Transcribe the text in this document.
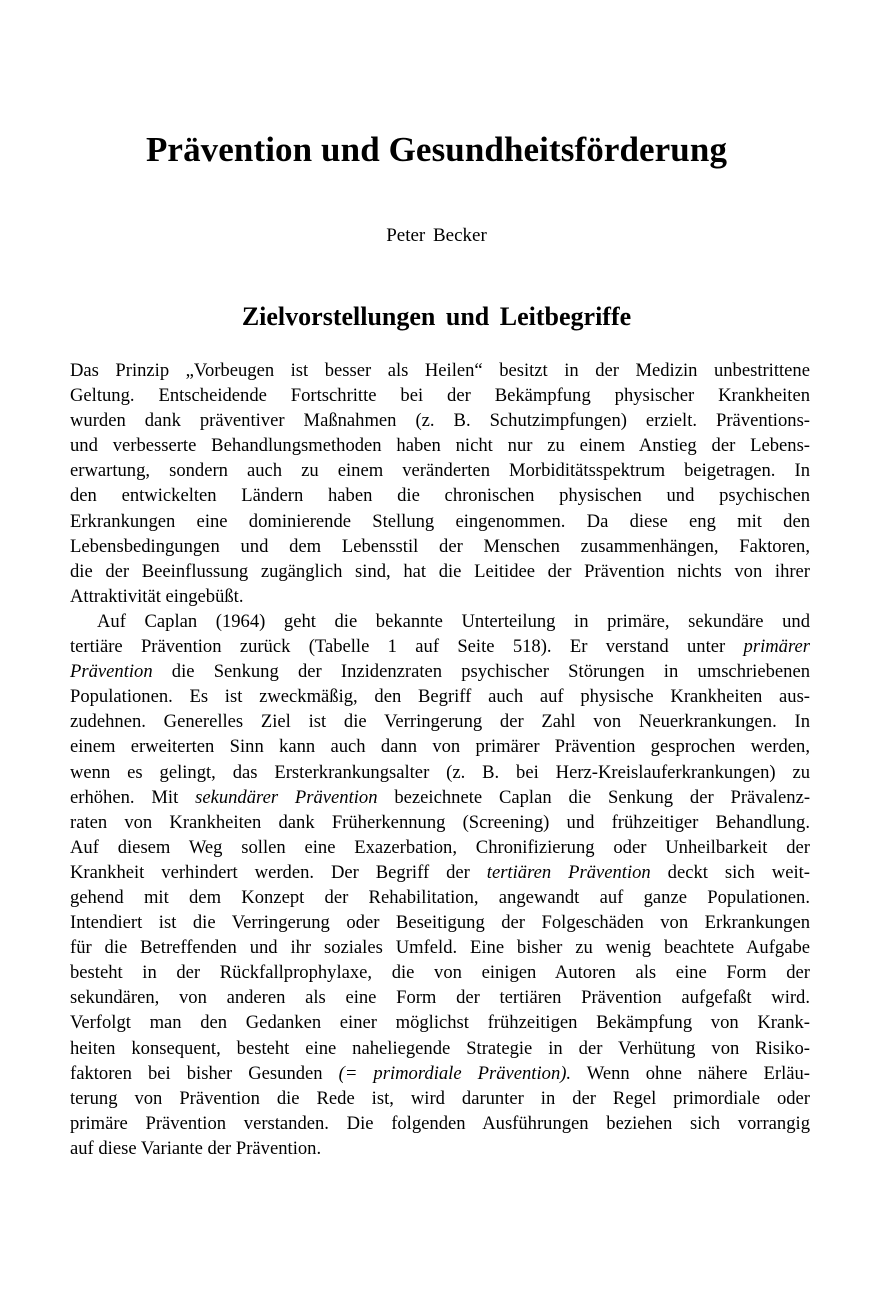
Prävention und Gesundheitsförderung

Peter Becker

Zielvorstellungen und Leitbegriffe
Das Prinzip „Vorbeugen ist besser als Heilen“ besitzt in der Medizin unbestrittene
Geltung. Entscheidende Fortschritte bei der Bekämpfung physischer Krankheiten
wurden dank präventiver Maßnahmen (z. B. Schutzimpfungen) erzielt. Präventions-
und verbesserte Behandlungsmethoden haben nicht nur zu einem Anstieg der Lebens-
erwartung, sondern auch zu einem veränderten Morbiditätsspektrum beigetragen. In
den entwickelten Ländern haben die chronischen physischen und psychischen
Erkrankungen eine dominierende Stellung eingenommen. Da diese eng mit den
Lebensbedingungen und dem Lebensstil der Menschen zusammenhängen, Faktoren,
die der Beeinflussung zugänglich sind, hat die Leitidee der Prävention nichts von ihrer
Attraktivität eingebüßt.
Auf Caplan (1964) geht die bekannte Unterteilung in primäre, sekundäre und
tertiäre Prävention zurück (Tabelle 1 auf Seite 518). Er verstand unter primärer
Prävention die Senkung der Inzidenzraten psychischer Störungen in umschriebenen
Populationen. Es ist zweckmäßig, den Begriff auch auf physische Krankheiten aus-
zudehnen. Generelles Ziel ist die Verringerung der Zahl von Neuerkrankungen. In
einem erweiterten Sinn kann auch dann von primärer Prävention gesprochen werden,
wenn es gelingt, das Ersterkrankungsalter (z. B. bei Herz-Kreislauferkrankungen) zu
erhöhen. Mit sekundärer Prävention bezeichnete Caplan die Senkung der Prävalenz-
raten von Krankheiten dank Früherkennung (Screening) und frühzeitiger Behandlung.
Auf diesem Weg sollen eine Exazerbation, Chronifizierung oder Unheilbarkeit der
Krankheit verhindert werden. Der Begriff der tertiären Prävention deckt sich weit-
gehend mit dem Konzept der Rehabilitation, angewandt auf ganze Populationen.
Intendiert ist die Verringerung oder Beseitigung der Folgeschäden von Erkrankungen
für die Betreffenden und ihr soziales Umfeld. Eine bisher zu wenig beachtete Aufgabe
besteht in der Rückfallprophylaxe, die von einigen Autoren als eine Form der
sekundären, von anderen als eine Form der tertiären Prävention aufgefaßt wird.
Verfolgt man den Gedanken einer möglichst frühzeitigen Bekämpfung von Krank-
heiten konsequent, besteht eine naheliegende Strategie in der Verhütung von Risiko-
faktoren bei bisher Gesunden (= primordiale Prävention). Wenn ohne nähere Erläu-
terung von Prävention die Rede ist, wird darunter in der Regel primordiale oder
primäre Prävention verstanden. Die folgenden Ausführungen beziehen sich vorrangig
auf diese Variante der Prävention.
